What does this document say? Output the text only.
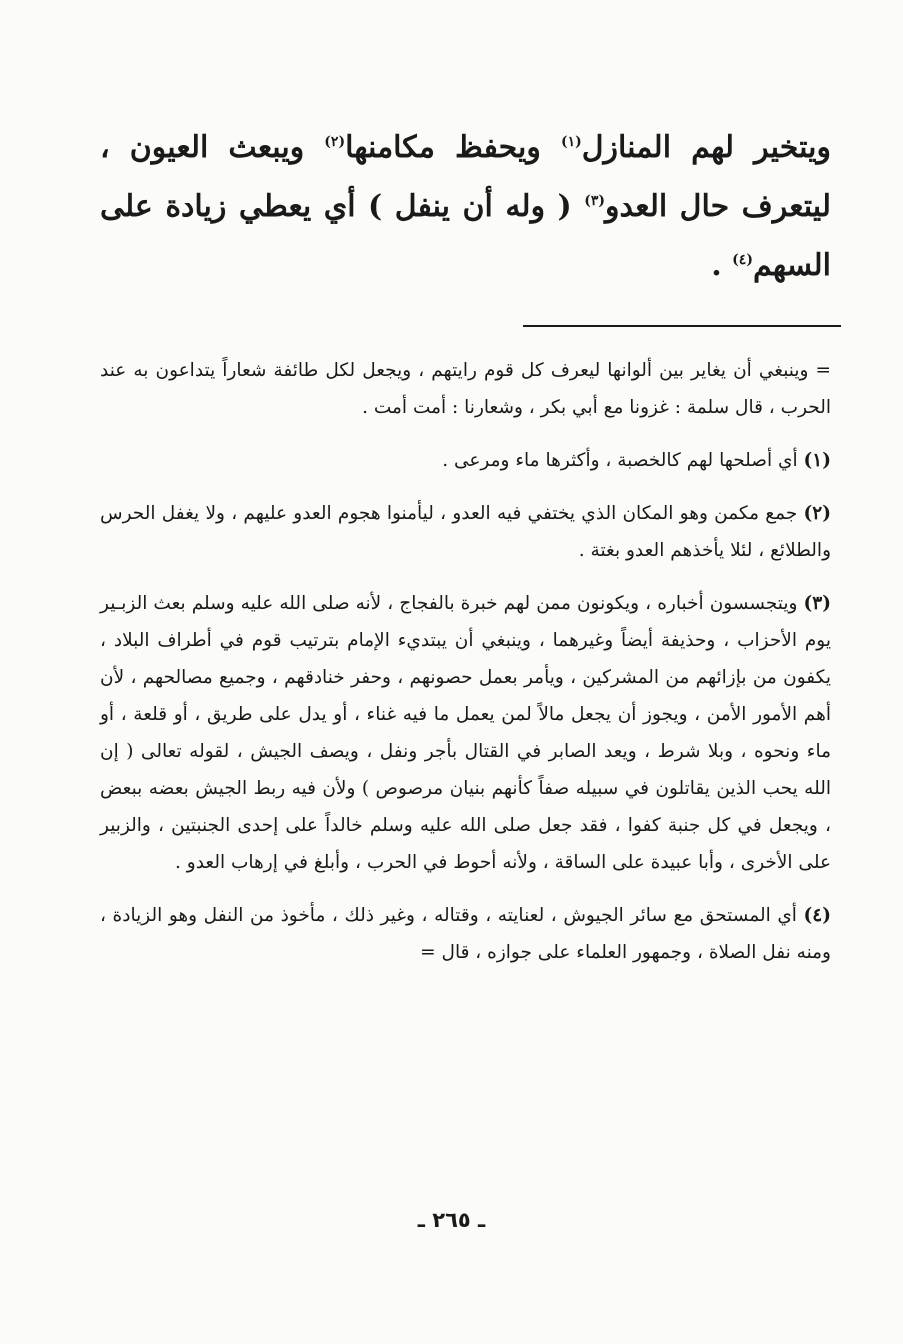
ويتخير لهم المنازل$^{(١)}$ ويحفظ مكامنها$^{(٢)}$ ويبعث العيون ، ليتعرف حال العدو$^{(٣)}$ ( وله أن ينفل ) أي يعطي زيادة على السهم$^{(٤)}$ .

= وينبغي أن يغاير بين ألوانها ليعرف كل قوم رايتهم ، ويجعل لكل طائفة شعاراً يتداعون به عند الحرب ، قال سلمة : غزونا مع أبي بكر ، وشعارنا : أمت أمت .

(١) أي أصلحها لهم كالخصبة ، وأكثرها ماء ومرعى .

(٢) جمع مكمن وهو المكان الذي يختفي فيه العدو ، ليأمنوا هجوم العدو عليهم ، ولا يغفل الحرس والطلائع ، لئلا يأخذهم العدو بغتة .

(٣) ويتجسسون أخباره ، ويكونون ممن لهم خبرة بالفجاج ، لأنه صلى الله عليه وسلم بعث الزبـير يوم الأحزاب ، وحذيفة أيضاً وغيرهما ، وينبغي أن يبتديء الإمام بترتيب قوم في أطراف البلاد ، يكفون من بإزائهم من المشركين ، ويأمر بعمل حصونهم ، وحفر خنادقهم ، وجميع مصالحهم ، لأن أهم الأمور الأمن ، ويجوز أن يجعل مالاً لمن يعمل ما فيه غناء ، أو يدل على طريق ، أو قلعة ، أو ماء ونحوه ، وبلا شرط ، ويعد الصابر في القتال بأجر ونفل ، ويصف الجيش ، لقوله تعالى ( إن الله يحب الذين يقاتلون في سبيله صفاً كأنهم بنيان مرصوص ) ولأن فيه ربط الجيش بعضه ببعض ، ويجعل في كل جنبة كفوا ، فقد جعل صلى الله عليه وسلم خالداً على إحدى الجنبتين ، والزبير على الأخرى ، وأبا عبيدة على الساقة ، ولأنه أحوط في الحرب ، وأبلغ في إرهاب العدو .

(٤) أي المستحق مع سائر الجيوش ، لعنايته ، وقتاله ، وغير ذلك ، مأخوذ من النفل وهو الزيادة ، ومنه نفل الصلاة ، وجمهور العلماء على جوازه ، قال =

ـ ٢٦٥ ـ
